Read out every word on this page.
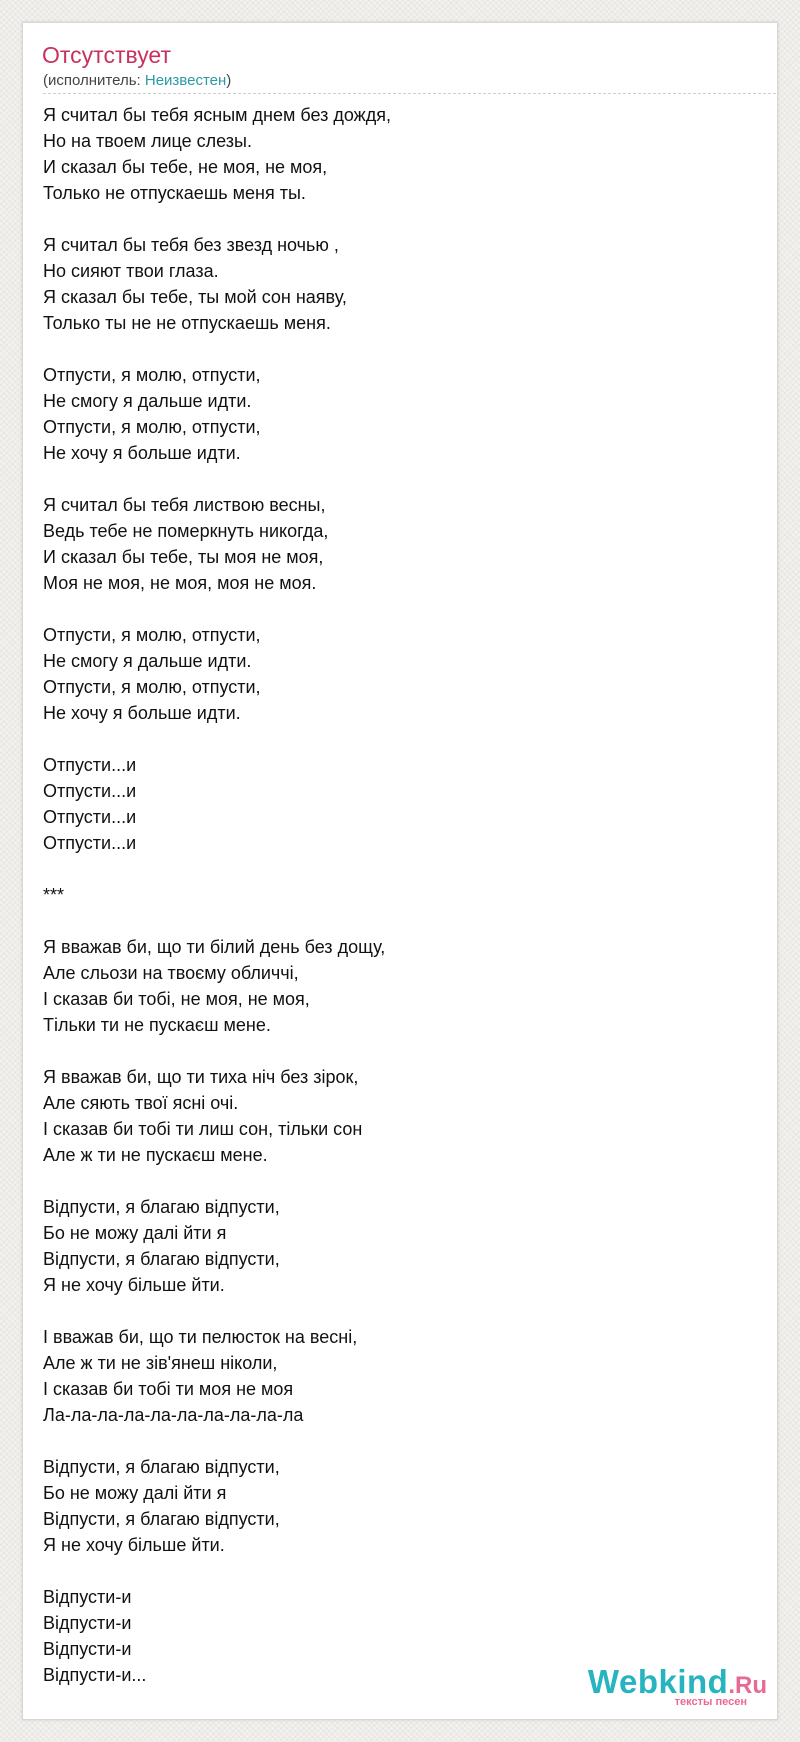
Отсутствует
(исполнитель: Неизвестен)
Я считал бы тебя ясным днем без дождя,
Но на твоем лице слезы.
И сказал бы тебе, не моя, не моя,
Только не отпускаешь меня ты.
Я считал бы тебя без звезд ночью ,
Но сияют твои глаза.
Я сказал бы тебе, ты мой сон наяву,
Только ты не не отпускаешь меня.
Отпусти, я молю, отпусти,
Не смогу я дальше идти.
Отпусти, я молю, отпусти,
Не хочу я больше идти.
Я считал бы тебя листвою весны,
Ведь тебе не померкнуть никогда,
И сказал бы тебе, ты моя не моя,
Моя не моя, не моя, моя не моя.
Отпусти, я молю, отпусти,
Не смогу я дальше идти.
Отпусти, я молю, отпусти,
Не хочу я больше идти.
Отпусти...и
Отпусти...и
Отпусти...и
Отпусти...и
***
Я вважав би, що ти білий день без дощу,
Але сльози на твоєму обличчі,
І сказав би тобі, не моя, не моя,
Тільки ти не пускаєш мене.
Я вважав би, що ти тиха ніч без зірок,
Але сяють твої ясні очі.
І сказав би тобі ти лиш сон, тільки сон
Але ж ти не пускаєш мене.
Відпусти, я благаю відпусти,
Бо не можу далі йти я
Відпусти, я благаю відпусти,
Я не хочу більше йти.
І вважав би, що ти пелюсток на весні,
Але ж ти не зів'янеш ніколи,
І сказав би тобі ти моя не моя
Ла-ла-ла-ла-ла-ла-ла-ла-ла-ла
Відпусти, я благаю відпусти,
Бо не можу далі йти я
Відпусти, я благаю відпусти,
Я не хочу більше йти.
Відпусти-и
Відпусти-и
Відпусти-и
Відпусти-и...	Webkind.Ru
тексты песен
